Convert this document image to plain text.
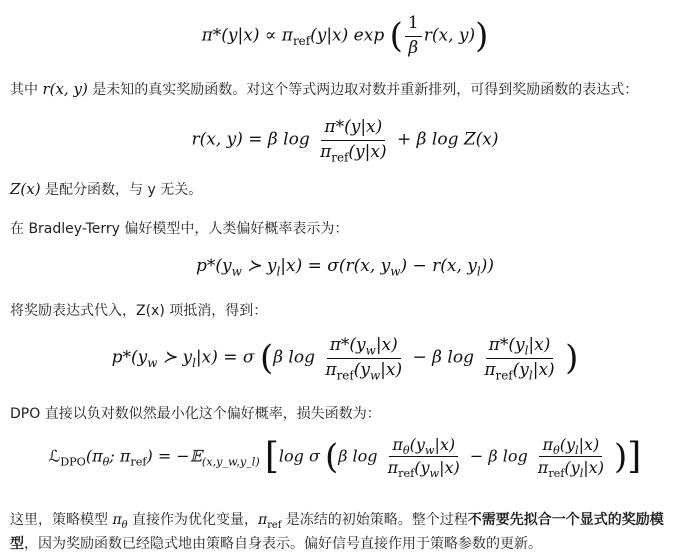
$\pi*(y|x) \propto \pi_{ref}(y|x)$ exp ( $\frac{1}{\beta} r(x$, y))
其中 r(x, y) 是未知的真实奖励函数。对这个等式两边取对数并重新排列，可得到奖励函数的表达式：
r(x, y) = β $\log \frac{\pi*(y|x)}{\pi_{ref}(y|x)} + \beta$ log Z(x)
Z(x) 是配分函数，与 y 无关。
在 Bradley-Terry 偏好模型中，人类偏好概率表示为：
$p*(y_w$ ≻ $y_l|x) = \sigma(r(x$, $y_w) - r(x$, $y_l$))
将奖励表达式代入，Z(x) 项抵消，得到：
$p*(y_w$ ≻ $y_l|x) = \sigma$ (β $\log \frac{\pi*(y_w|x)}{\pi_{ref}(y_w|x)} - \beta$ $\log \frac{\pi*(y_l|x)}{\pi_{ref}(y_l|x)}$ )
DPO 直接以负对数似然最小化这个偏好概率，损失函数为：
$ℒ_{DPO}(\pi_\theta$; $\pi_{ref}$) = −𝔼$_{(x,y\_w,y\_l)}$ [log σ (β $\log \frac{\pi_\theta(y_w|x)}{\pi_{ref}(y_w|x)} - \beta$ $\log \frac{\pi_\theta(y_l|x)}{\pi_{ref}(y_l|x)}$ )]
这里，策略模型 $\pi_\theta$ 直接作为优化变量，$\pi_{ref}$ 是冻结的初始策略。整个过程不需要先拟合一个显式的奖励模
型，因为奖励函数已经隐式地由策略自身表示。偏好信号直接作用于策略参数的更新。
